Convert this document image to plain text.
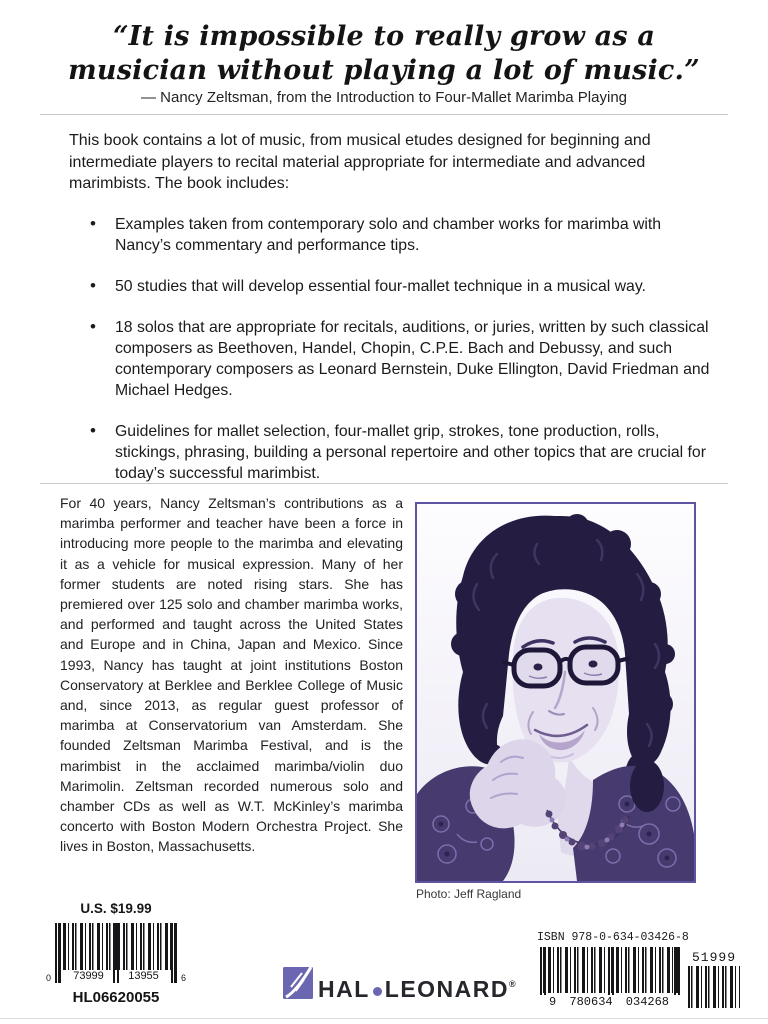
“It is impossible to really grow as a
musician without playing a lot of music.”
— Nancy Zeltsman, from the Introduction to Four-Mallet Marimba Playing
This book contains a lot of music, from musical etudes designed for beginning and intermediate players to recital material appropriate for intermediate and advanced marimbists. The book includes:
• Examples taken from contemporary solo and chamber works for marimba with Nancy’s commentary and performance tips.
• 50 studies that will develop essential four-mallet technique in a musical way.
• 18 solos that are appropriate for recitals, auditions, or juries, written by such classical composers as Beethoven, Handel, Chopin, C.P.E. Bach and Debussy, and such contemporary composers as Leonard Bernstein, Duke Ellington, David Friedman and Michael Hedges.
• Guidelines for mallet selection, four-mallet grip, strokes, tone production, rolls, stickings, phrasing, building a personal repertoire and other topics that are crucial for today’s successful marimbist.
For 40 years, Nancy Zeltsman’s contributions as a marimba performer and teacher have been a force in introducing more people to the marimba and elevating it as a vehicle for musical expression. Many of her former students are noted rising stars. She has premiered over 125 solo and chamber marimba works, and performed and taught across the United States and Europe and in China, Japan and Mexico. Since 1993, Nancy has taught at joint institutions Boston Conservatory at Berklee and Berklee College of Music and, since 2013, as regular guest professor of marimba at Conservatorium van Amsterdam. She founded Zeltsman Marimba Festival, and is the marimbist in the acclaimed marimba/violin duo Marimolin. Zeltsman recorded numerous solo and chamber CDs as well as W.T. McKinley’s marimba concerto with Boston Modern Orchestra Project. She lives in Boston, Massachusetts.
Photo: Jeff Ragland
U.S. $19.99
73999	13955
0	6
HL06620055	HAL LEONARD®
ISBN 978-0-634-03426-8
9 780634 034268
51999
